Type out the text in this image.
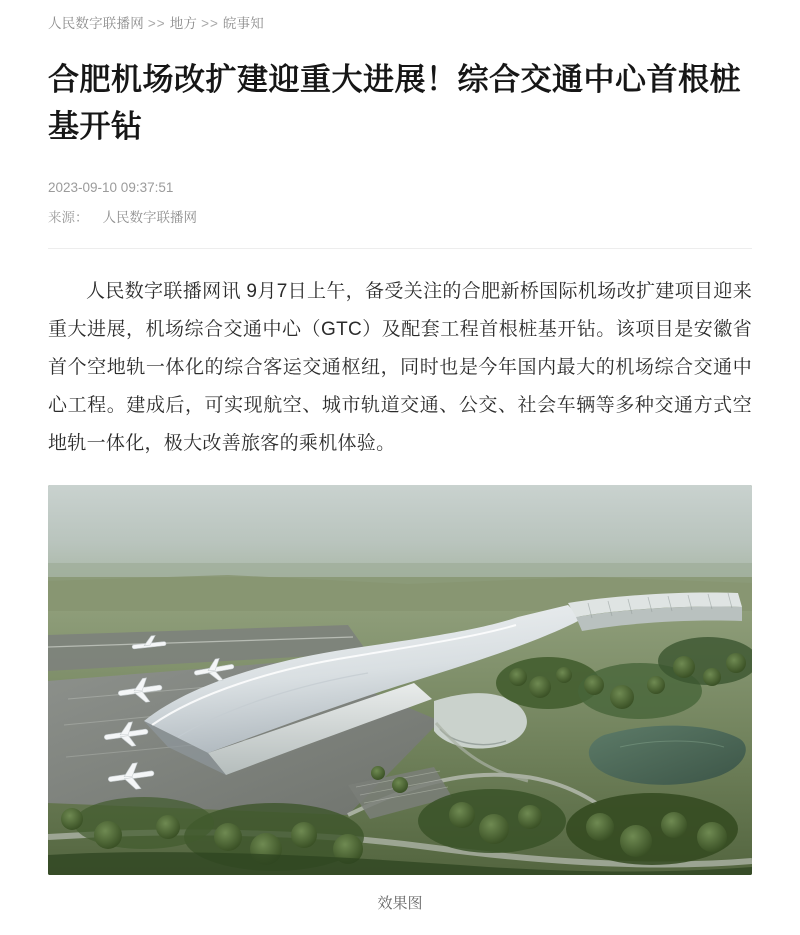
人民数字联播网 >> 地方 >> 皖事知
合肥机场改扩建迎重大进展！综合交通中心首根桩基开钻
2023-09-10 09:37:51
来源： 人民数字联播网

人民数字联播网讯 9月7日上午，备受关注的合肥新桥国际机场改扩建项目迎来重大进展，机场综合交通中心（GTC）及配套工程首根桩基开钻。该项目是安徽省首个空地轨一体化的综合客运交通枢纽，同时也是今年国内最大的机场综合交通中心工程。建成后，可实现航空、城市轨道交通、公交、社会车辆等多种交通方式空地轨一体化，极大改善旅客的乘机体验。

效果图
